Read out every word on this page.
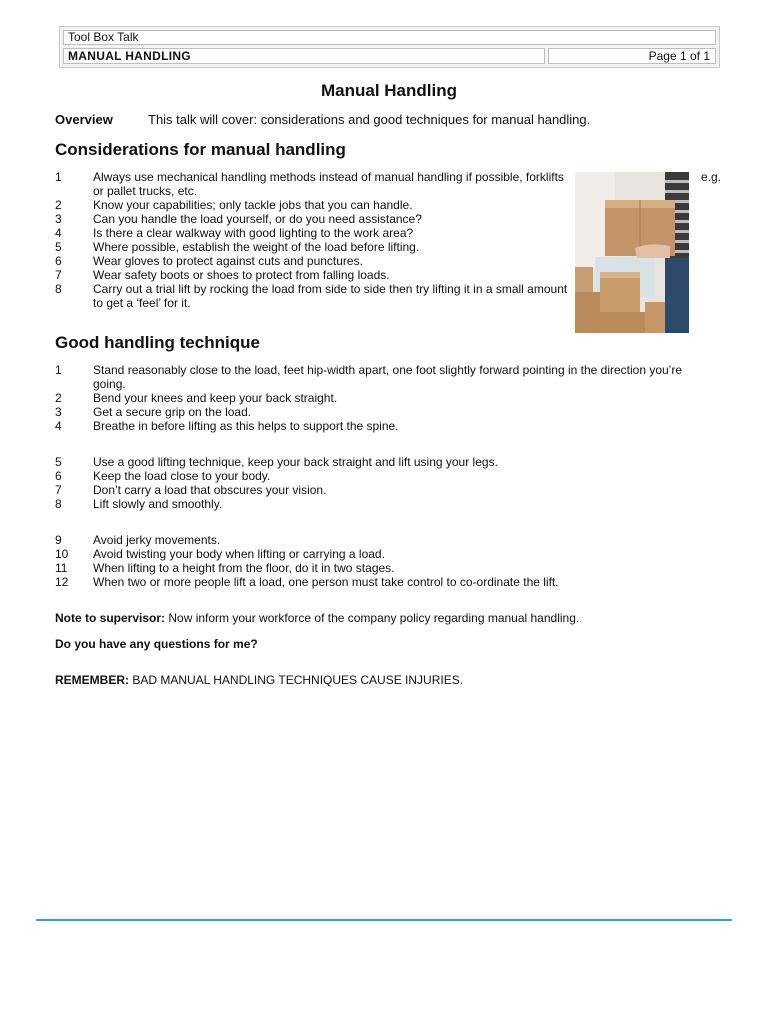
Tool Box Talk
MANUAL HANDLING	Page 1 of 1
Manual Handling
Overview	This talk will cover: considerations and good techniques for manual handling.
Considerations for manual handling
1	Always use mechanical handling methods instead of manual handling if possible, forklifts or pallet trucks, etc.
2	Know your capabilities; only tackle jobs that you can handle.
3	Can you handle the load yourself, or do you need assistance?
4	Is there a clear walkway with good lighting to the work area?
5	Where possible, establish the weight of the load before lifting.
6	Wear gloves to protect against cuts and punctures.
7	Wear safety boots or shoes to protect from falling loads.
8	Carry out a trial lift by rocking the load from side to side then try lifting it in a small amount to get a ‘feel’ for it.
e.g.
Good handling technique
1	Stand reasonably close to the load, feet hip-width apart, one foot slightly forward pointing in the direction you’re going.
2	Bend your knees and keep your back straight.
3	Get a secure grip on the load.
4	Breathe in before lifting as this helps to support the spine.
5	Use a good lifting technique, keep your back straight and lift using your legs.
6	Keep the load close to your body.
7	Don’t carry a load that obscures your vision.
8	Lift slowly and smoothly.
9	Avoid jerky movements.
10 Avoid twisting your body when lifting or carrying a load.
11 When lifting to a height from the floor, do it in two stages.
12 When two or more people lift a load, one person must take control to co-ordinate the lift.
Note to supervisor: Now inform your workforce of the company policy regarding manual handling.
Do you have any questions for me?
REMEMBER: BAD MANUAL HANDLING TECHNIQUES CAUSE INJURIES.
